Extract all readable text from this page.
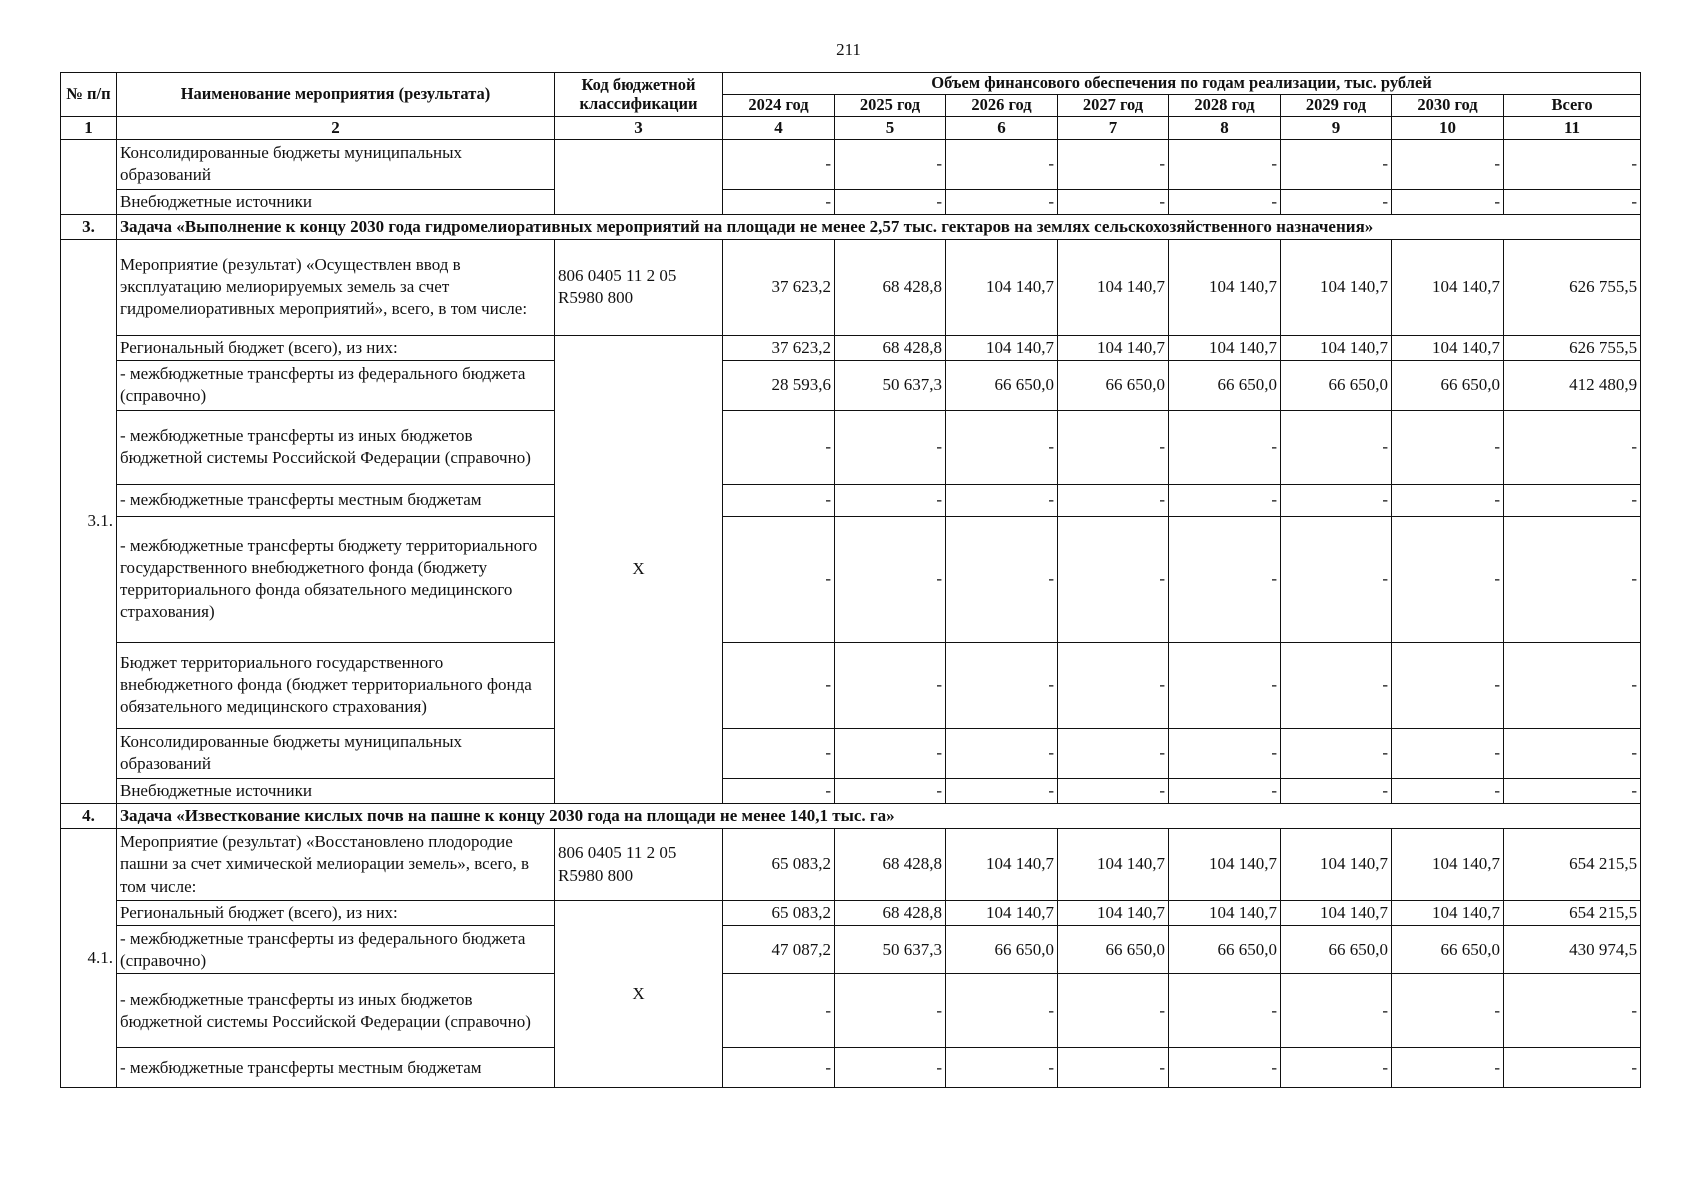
211
№ п/п	Наименование мероприятия (результата)	Код бюджетной классификации	Объем финансового обеспечения по годам реализации, тыс. рублей							
			2024 год	2025 год	2026 год	2027 год	2028 год	2029 год	2030 год	Всего
1	2	3	4	5	6	7	8	9	10	11
	Консолидированные бюджеты муниципальных образований		-	-	-	-	-	-	-	-
	Внебюджетные источники		-	-	-	-	-	-	-	-
3.	Задача «Выполнение к концу 2030 года гидромелиоративных мероприятий на площади не менее 2,57 тыс. гектаров на землях сельскохозяйственного назначения»									
3.1.	Мероприятие (результат) «Осуществлен ввод в эксплуатацию мелиорируемых земель за счет гидромелиоративных мероприятий», всего, в том числе:	806 0405 11 2 05 R5980 800	37 623,2	68 428,8	104 140,7	104 140,7	104 140,7	104 140,7	104 140,7	626 755,5
	Региональный бюджет (всего), из них:	Х	37 623,2	68 428,8	104 140,7	104 140,7	104 140,7	104 140,7	104 140,7	626 755,5
	- межбюджетные трансферты из федерального бюджета (справочно)		28 593,6	50 637,3	66 650,0	66 650,0	66 650,0	66 650,0	66 650,0	412 480,9
	- межбюджетные трансферты из иных бюджетов бюджетной системы Российской Федерации (справочно)		-	-	-	-	-	-	-	-
	- межбюджетные трансферты местным бюджетам		-	-	-	-	-	-	-	-
	- межбюджетные трансферты бюджету территориального государственного внебюджетного фонда (бюджету территориального фонда обязательного медицинского страхования)		-	-	-	-	-	-	-	-
	Бюджет территориального государственного внебюджетного фонда (бюджет территориального фонда обязательного медицинского страхования)		-	-	-	-	-	-	-	-
	Консолидированные бюджеты муниципальных образований		-	-	-	-	-	-	-	-
	Внебюджетные источники		-	-	-	-	-	-	-	-
4.	Задача «Известкование кислых почв на пашне к концу 2030 года на площади не менее 140,1 тыс. га»									
4.1.	Мероприятие (результат) «Восстановлено плодородие пашни за счет химической мелиорации земель», всего, в том числе:	806 0405 11 2 05 R5980 800	65 083,2	68 428,8	104 140,7	104 140,7	104 140,7	104 140,7	104 140,7	654 215,5
	Региональный бюджет (всего), из них:	Х	65 083,2	68 428,8	104 140,7	104 140,7	104 140,7	104 140,7	104 140,7	654 215,5
	- межбюджетные трансферты из федерального бюджета (справочно)		47 087,2	50 637,3	66 650,0	66 650,0	66 650,0	66 650,0	66 650,0	430 974,5
	- межбюджетные трансферты из иных бюджетов бюджетной системы Российской Федерации (справочно)		-	-	-	-	-	-	-	-
	- межбюджетные трансферты местным бюджетам		-	-	-	-	-	-	-	-
